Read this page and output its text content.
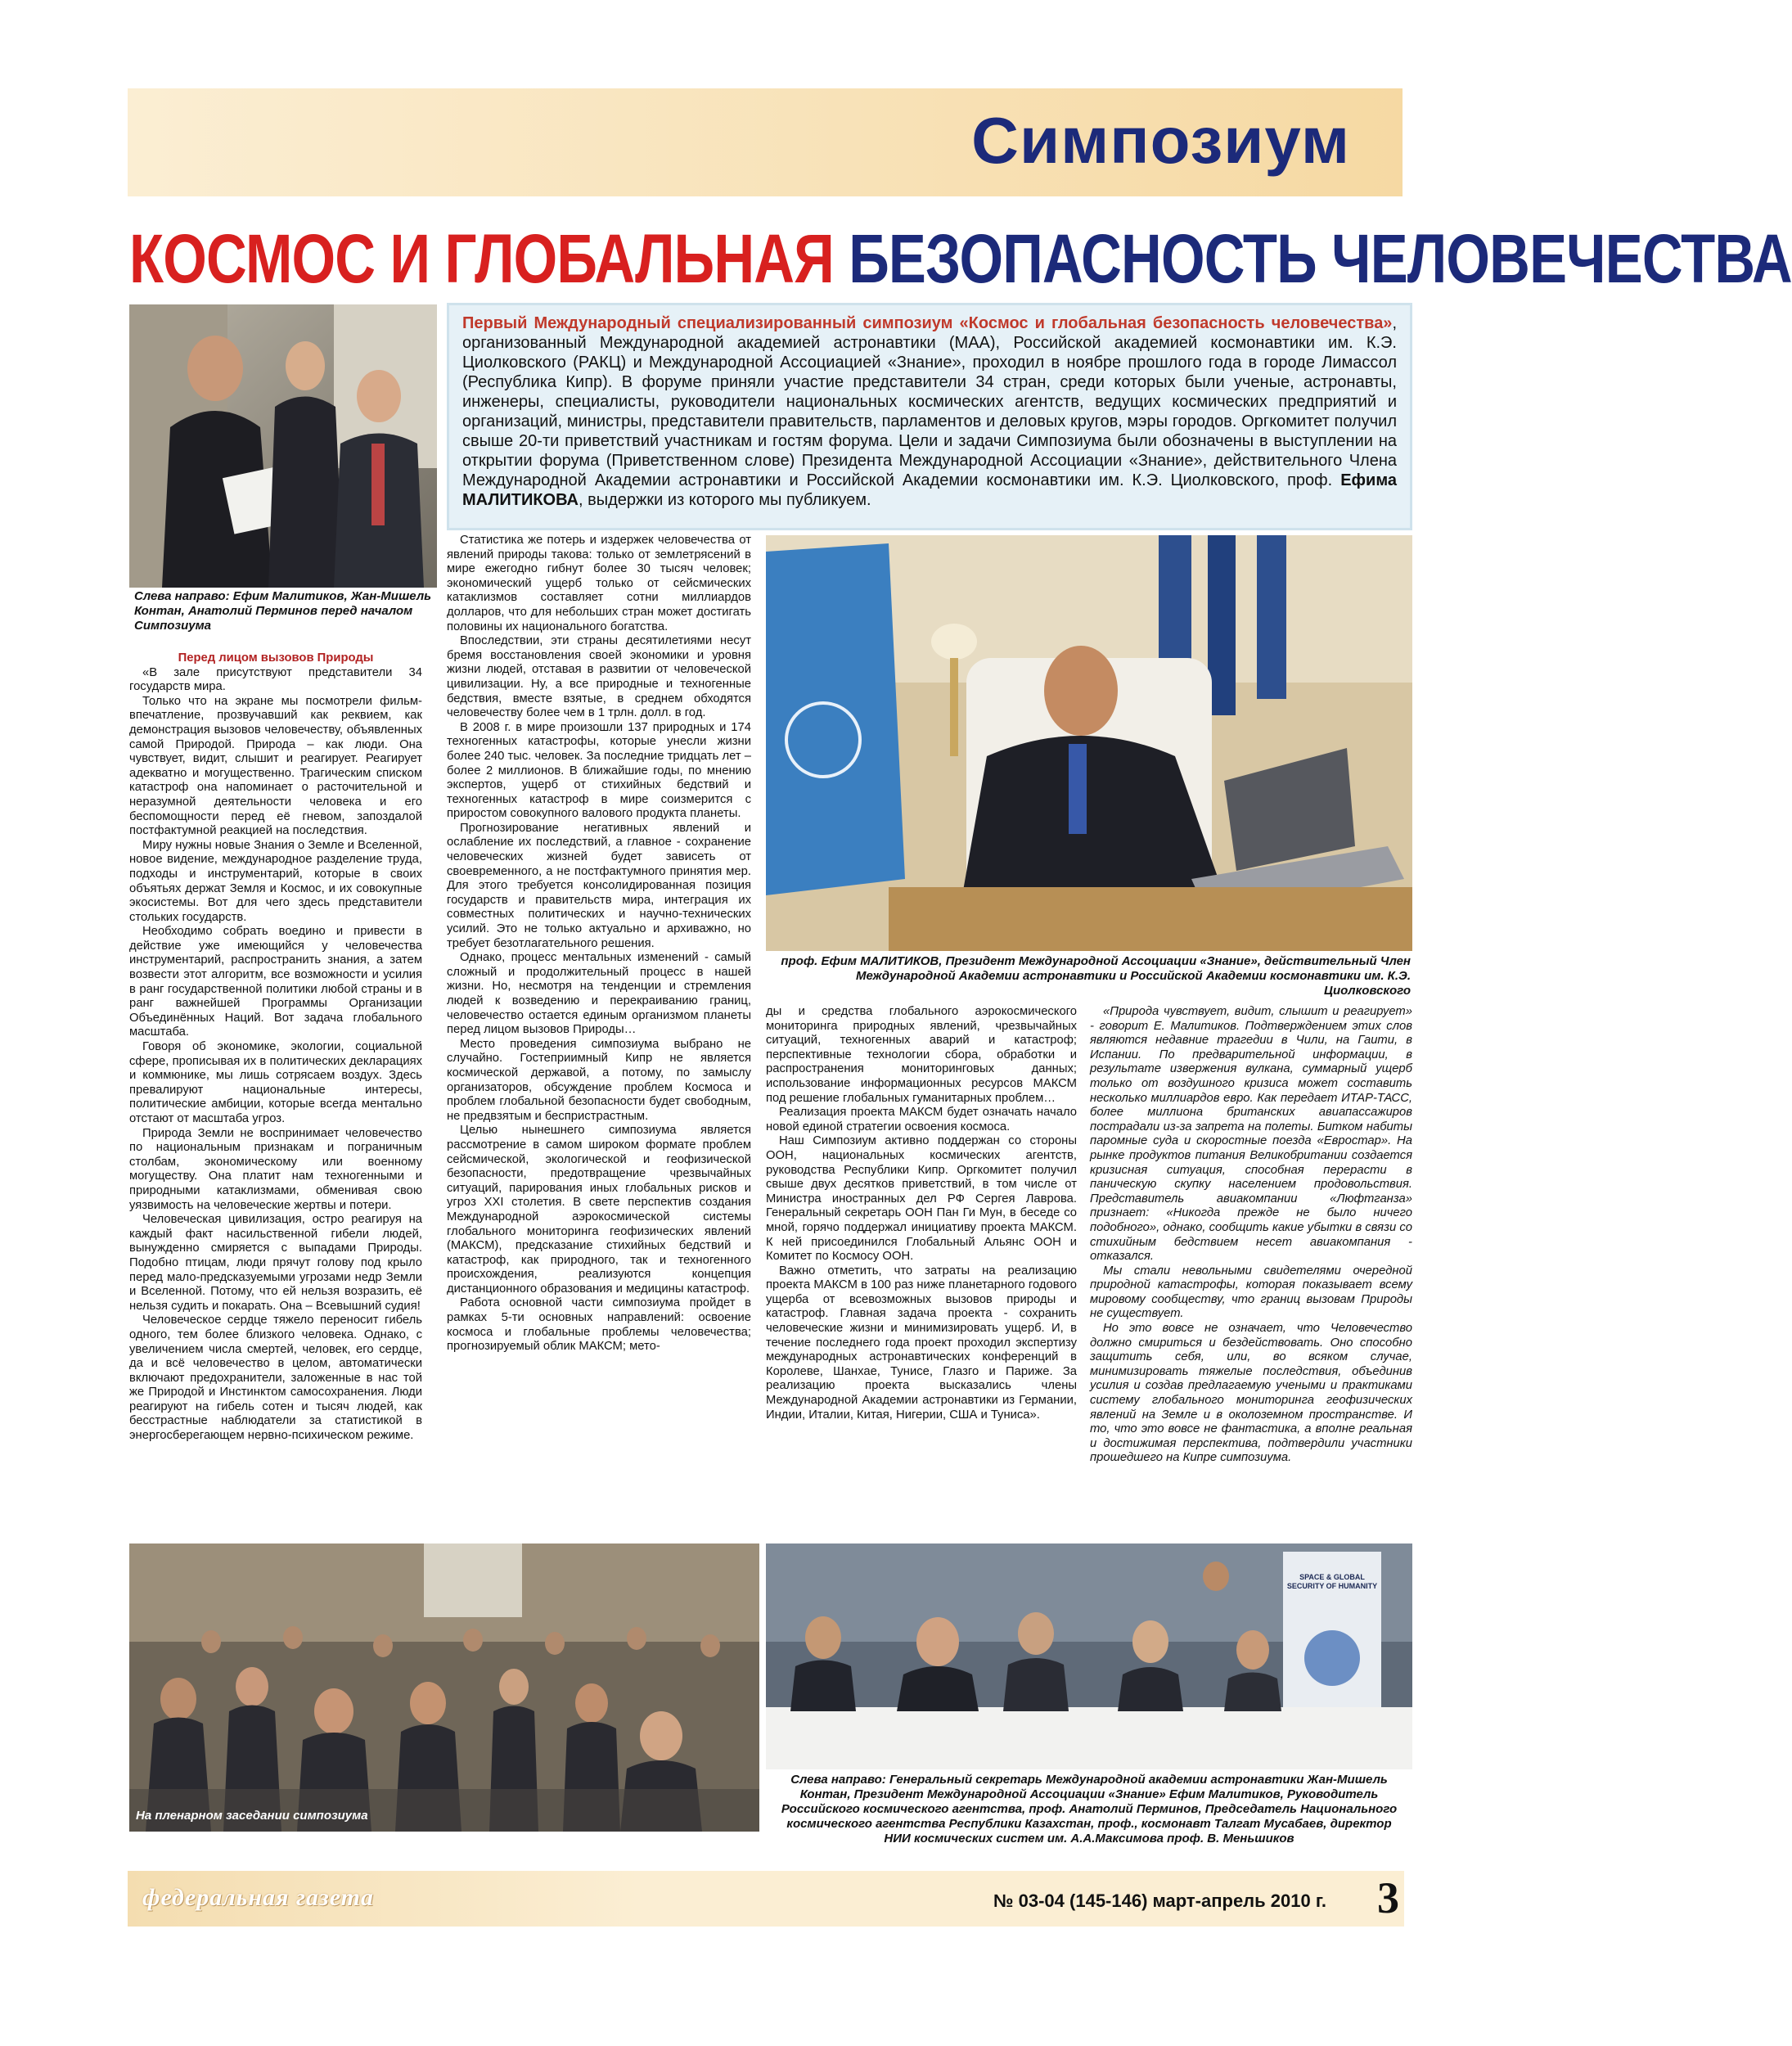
Симпозиум
КОСМОС И ГЛОБАЛЬНАЯ БЕЗОПАСНОСТЬ ЧЕЛОВЕЧЕСТВА
Слева направо: Ефим Малитиков, Жан-Мишель Контан, Анатолий Перминов перед началом Симпозиума
Первый Международный специализированный симпозиум «Космос и глобальная безопасность человечества», организованный Международной академией астронавтики (МАА), Российской академией космонавтики им. К.Э. Циолковского (РАКЦ) и Международной Ассоциацией «Знание», проходил в ноябре прошлого года в городе Лимассол (Республика Кипр). В форуме приняли участие представители 34 стран, среди которых были ученые, астронавты, инженеры, специалисты, руководители национальных космических агентств, ведущих космических предприятий и организаций, министры, представители правительств, парламентов и деловых кругов, мэры городов. Оргкомитет получил свыше 20-ти приветствий участникам и гостям форума. Цели и задачи Симпозиума были обозначены в выступлении на открытии форума (Приветственном слове) Президента Международной Ассоциации «Знание», действительного Члена Международной Академии астронавтики и Российской Академии космонавтики им. К.Э. Циолковского, проф. Ефима МАЛИТИКОВА, выдержки из которого мы публикуем.

Перед лицом вызовов Природы

«В зале присутствуют представители 34 государств мира.

Только что на экране мы посмотрели фильм-впечатление, прозвучавший как реквием, как демонстрация вызовов человечеству, объявленных самой Природой. Природа – как люди. Она чувствует, видит, слышит и реагирует. Реагирует адекватно и могущественно. Трагическим списком катастроф она напоминает о расточительной и неразумной деятельности человека и его беспомощности перед её гневом, запоздалой постфактумной реакцией на последствия.

Миру нужны новые Знания о Земле и Вселенной, новое видение, международное разделение труда, подходы и инструментарий, которые в своих объятьях держат Земля и Космос, и их совокупные экосистемы. Вот для чего здесь представители стольких государств.

Необходимо собрать воедино и привести в действие уже имеющийся у человечества инструментарий, распространить знания, а затем возвести этот алгоритм, все возможности и усилия в ранг государственной политики любой страны и в ранг важнейшей Программы Организации Объединённых Наций. Вот задача глобального масштаба.

Говоря об экономике, экологии, социальной сфере, прописывая их в политических декларациях и коммюнике, мы лишь сотрясаем воздух. Здесь превалируют национальные интересы, политические амбиции, которые всегда ментально отстают от масштаба угроз.

Природа Земли не воспринимает человечество по национальным признакам и пограничным столбам, экономическому или военному могуществу. Она платит нам техногенными и природными катаклизмами, обменивая свою уязвимость на человеческие жертвы и потери.

Человеческая цивилизация, остро реагируя на каждый факт насильственной гибели людей, вынужденно смиряется с выпадами Природы. Подобно птицам, люди прячут голову под крыло перед мало-предсказуемыми угрозами недр Земли и Вселенной. Потому, что ей нельзя возразить, её нельзя судить и покарать. Она – Всевышний судия!

Человеческое сердце тяжело переносит гибель одного, тем более близкого человека. Однако, с увеличением числа смертей, человек, его сердце, да и всё человечество в целом, автоматически включают предохранители, заложенные в нас той же Природой и Инстинктом самосохранения. Люди реагируют на гибель сотен и тысяч людей, как бесстрастные наблюдатели за статистикой в энергосберегающем нервно-психическом режиме.

Статистика же потерь и издержек человечества от явлений природы такова: только от землетрясений в мире ежегодно гибнут более 30 тысяч человек; экономический ущерб только от сейсмических катаклизмов составляет сотни миллиардов долларов, что для небольших стран может достигать половины их национального богатства.

Впоследствии, эти страны десятилетиями несут бремя восстановления своей экономики и уровня жизни людей, отставая в развитии от человеческой цивилизации. Ну, а все природные и техногенные бедствия, вместе взятые, в среднем обходятся человечеству более чем в 1 трлн. долл. в год.

В 2008 г. в мире произошли 137 природных и 174 техногенных катастрофы, которые унесли жизни более 240 тыс. человек. За последние тридцать лет – более 2 миллионов. В ближайшие годы, по мнению экспертов, ущерб от стихийных бедствий и техногенных катастроф в мире соизмерится с приростом совокупного валового продукта планеты.

Прогнозирование негативных явлений и ослабление их последствий, а главное - сохранение человеческих жизней будет зависеть от своевременного, а не постфактумного принятия мер. Для этого требуется консолидированная позиция государств и правительств мира, интеграция их совместных политических и научно-технических усилий. Это не только актуально и архиважно, но требует безотлагательного решения.

Однако, процесс ментальных изменений - самый сложный и продолжительный процесс в нашей жизни. Но, несмотря на тенденции и стремления людей к возведению и перекраиванию границ, человечество остается единым организмом планеты перед лицом вызовов Природы…

Место проведения симпозиума выбрано не случайно. Гостеприимный Кипр не является космической державой, а потому, по замыслу организаторов, обсуждение проблем Космоса и проблем глобальной безопасности будет свободным, не предвзятым и беспристрастным.

Целью нынешнего симпозиума является рассмотрение в самом широком формате проблем сейсмической, экологической и геофизической безопасности, предотвращение чрезвычайных ситуаций, парирования иных глобальных рисков и угроз XXI столетия. В свете перспектив создания Международной аэрокосмической системы глобального мониторинга геофизических явлений (МАКСМ), предсказание стихийных бедствий и катастроф, как природного, так и техногенного происхождения, реализуются концепция дистанционного образования и медицины катастроф.

Работа основной части симпозиума пройдет в рамках 5-ти основных направлений: освоение космоса и глобальные проблемы человечества; прогнозируемый облик МАКСМ; мето-

проф. Ефим МАЛИТИКОВ, Президент Международной Ассоциации «Знание», действительный Член Международной Академии астронавтики и Российской Академии космонавтики им. К.Э. Циолковского

ды и средства глобального аэрокосмического мониторинга природных явлений, чрезвычайных ситуаций, техногенных аварий и катастроф; перспективные технологии сбора, обработки и распространения мониторинговых данных; использование информационных ресурсов МАКСМ под решение глобальных гуманитарных проблем…

Реализация проекта МАКСМ будет означать начало новой единой стратегии освоения космоса.

Наш Симпозиум активно поддержан со стороны ООН, национальных космических агентств, руководства Республики Кипр. Оргкомитет получил свыше двух десятков приветствий, в том числе от Министра иностранных дел РФ Сергея Лаврова. Генеральный секретарь ООН Пан Ги Мун, в беседе со мной, горячо поддержал инициативу проекта МАКСМ. К ней присоединился Глобальный Альянс ООН и Комитет по Космосу ООН.

Важно отметить, что затраты на реализацию проекта МАКСМ в 100 раз ниже планетарного годового ущерба от всевозможных вызовов природы и катастроф. Главная задача проекта - сохранить человеческие жизни и минимизировать ущерб. И, в течение последнего года проект проходил экспертизу международных астронавтических конференций в Королеве, Шанхае, Тунисе, Глазго и Париже. За реализацию проекта высказались члены Международной Академии астронавтики из Германии, Индии, Италии, Китая, Нигерии, США и Туниса».

«Природа чувствует, видит, слышит и реагирует» - говорит Е. Малитиков. Подтверждением этих слов являются недавние трагедии в Чили, на Гаити, в Испании. По предварительной информации, в результате извержения вулкана, суммарный ущерб только от воздушного кризиса может составить несколько миллиардов евро. Как передает ИТАР-ТАСС, более миллиона британских авиапассажиров пострадали из-за запрета на полеты. Битком набиты паромные суда и скоростные поезда «Евростар». На рынке продуктов питания Великобритании создается кризисная ситуация, способная перерасти в паническую скупку населением продовольствия. Представитель авиакомпании «Люфтганза» признает: «Никогда прежде не было ничего подобного», однако, сообщить какие убытки в связи со стихийным бедствием несет авиакомпания - отказался.

Мы стали невольными свидетелями очередной природной катастрофы, которая показывает всему мировому сообществу, что границ вызовам Природы не существует.

Но это вовсе не означает, что Человечество должно смириться и бездействовать. Оно способно защитить себя, или, во всяком случае, минимизировать тяжелые последствия, объединив усилия и создав предлагаемую учеными и практиками систему глобального мониторинга геофизических явлений на Земле и в околоземном пространстве. И то, что это вовсе не фантастика, а вполне реальная и достижимая перспектива, подтвердили участники прошедшего на Кипре симпозиума.

На пленарном заседании симпозиума
SPACE & GLOBAL SECURITY OF HUMANITY
Слева направо: Генеральный секретарь Международной академии астронавтики Жан-Мишель Контан, Президент Международной Ассоциации «Знание» Ефим Малитиков, Руководитель Российского космического агентства, проф. Анатолий Перминов, Председатель Национального космического агентства Республики Казахстан, проф., космонавт Талгат Мусабаев, директор НИИ космических систем им. А.А.Максимова проф. В. Меньшиков
федеральная газета	№ 03-04 (145-146) март-апрель 2010 г. 3
